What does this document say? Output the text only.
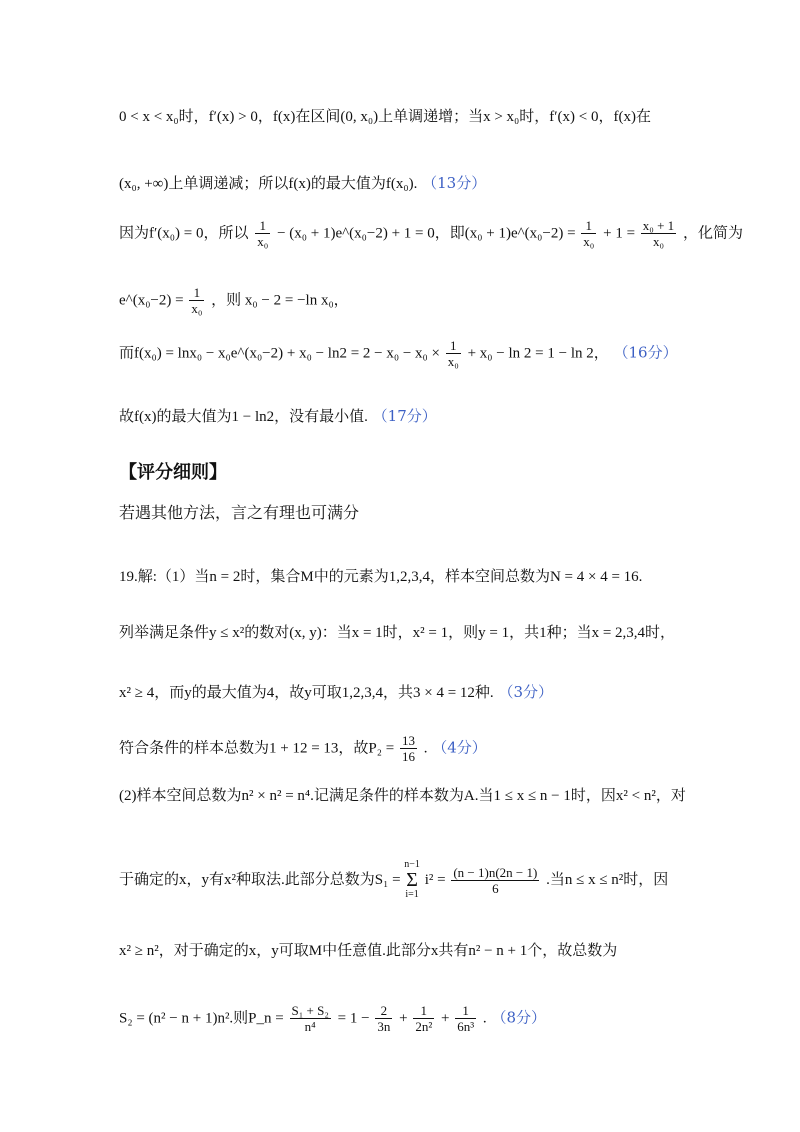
0 < x < x₀时，f′(x) > 0，f(x)在区间(0, x₀)上单调递增；当x > x₀时，f′(x) < 0，f(x)在
(x₀, +∞)上单调递减；所以f(x)的最大值为f(x₀). （13分）
因为f′(x₀) = 0，所以 $\frac{1}{\text{x₀}} - (x_0$ + 1)e^(x₀−2) + 1 = 0，即(x₀ + 1)e^(x₀−2) = $\frac{1}{\text{x₀}} + 1 = \frac{\text{x₀ + 1}}{\text{x₀}}$ ，化简为
e^(x₀−2) = $\frac{1}{\text{x₀}}$ ，则 x₀ − 2 = −ln x₀，
而f(x₀) = lnx₀ − x₀e^(x₀−2) + $x_0 - \ln 2 = 2 - x_0 - x_0 \times \frac{1}{\text{x₀}} + x_0 - \ln 2 = 1 - \ln 2$， （16分）
故f(x)的最大值为1 − ln2，没有最小值. （17分）
【评分细则】
若遇其他方法，言之有理也可满分
19.解:（1）当n = 2时，集合M中的元素为1,2,3,4，样本空间总数为N = 4 × 4 = 16.
列举满足条件y ≤ x²的数对(x, y)：当x = 1时，x² = 1，则y = 1，共1种；当x = 2,3,4时，
x² ≥ 4，而y的最大值为4，故y可取1,2,3,4，共3 × 4 = 12种. （3分）
符合条件的样本总数为1 + 12 = 13，故$P_2 = \frac{13}{16}$ . （4分）
(2)样本空间总数为n² × n² = n⁴.记满足条件的样本数为A.当1 ≤ x ≤ n − 1时，因x² < n²，对
于确定的x，y有x²种取法.此部分总数为S₁ = n−1
Σ
i=1 $i^2 = \frac{(n - 1)n(2n - 1)}{6}$ .当n ≤ x ≤ n²时，因
x² ≥ n²，对于确定的x，y可取M中任意值.此部分x共有n² − n + 1个，故总数为
S₂ = (n² − n + 1)n².则P_n = $\frac{\text{S₁ + S₂}}{\text{n⁴}} = 1 - \frac{2}{3n} + \frac{1}{\text{2n²}} + \frac{1}{\text{6n³}}$ . （8分）
